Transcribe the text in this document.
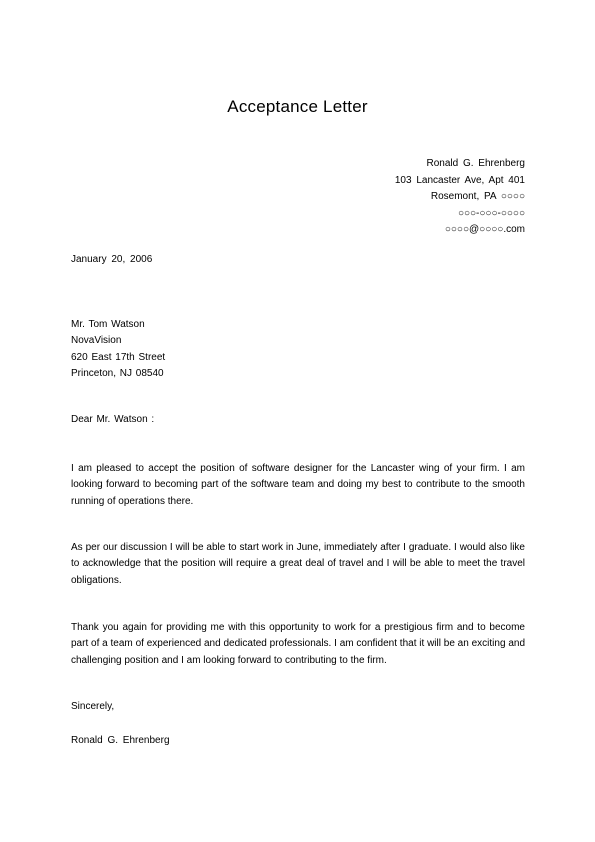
Acceptance Letter
Ronald G. Ehrenberg
103 Lancaster Ave, Apt 401
Rosemont, PA ○○○○
○○○-○○○-○○○○
○○○○@○○○○.com
January 20, 2006
Mr. Tom Watson
NovaVision
620 East 17th Street
Princeton, NJ 08540
Dear Mr. Watson :
I am pleased to accept the position of software designer for the Lancaster wing of your firm. I am looking forward to becoming part of the software team and doing my best to contribute to the smooth running of operations there.
As per our discussion I will be able to start work in June, immediately after I graduate. I would also like to acknowledge that the position will require a great deal of travel and I will be able to meet the travel obligations.
Thank you again for providing me with this opportunity to work for a prestigious firm and to become part of a team of experienced and dedicated professionals. I am confident that it will be an exciting and challenging position and I am looking forward to contributing to the firm.
Sincerely,
Ronald G. Ehrenberg
